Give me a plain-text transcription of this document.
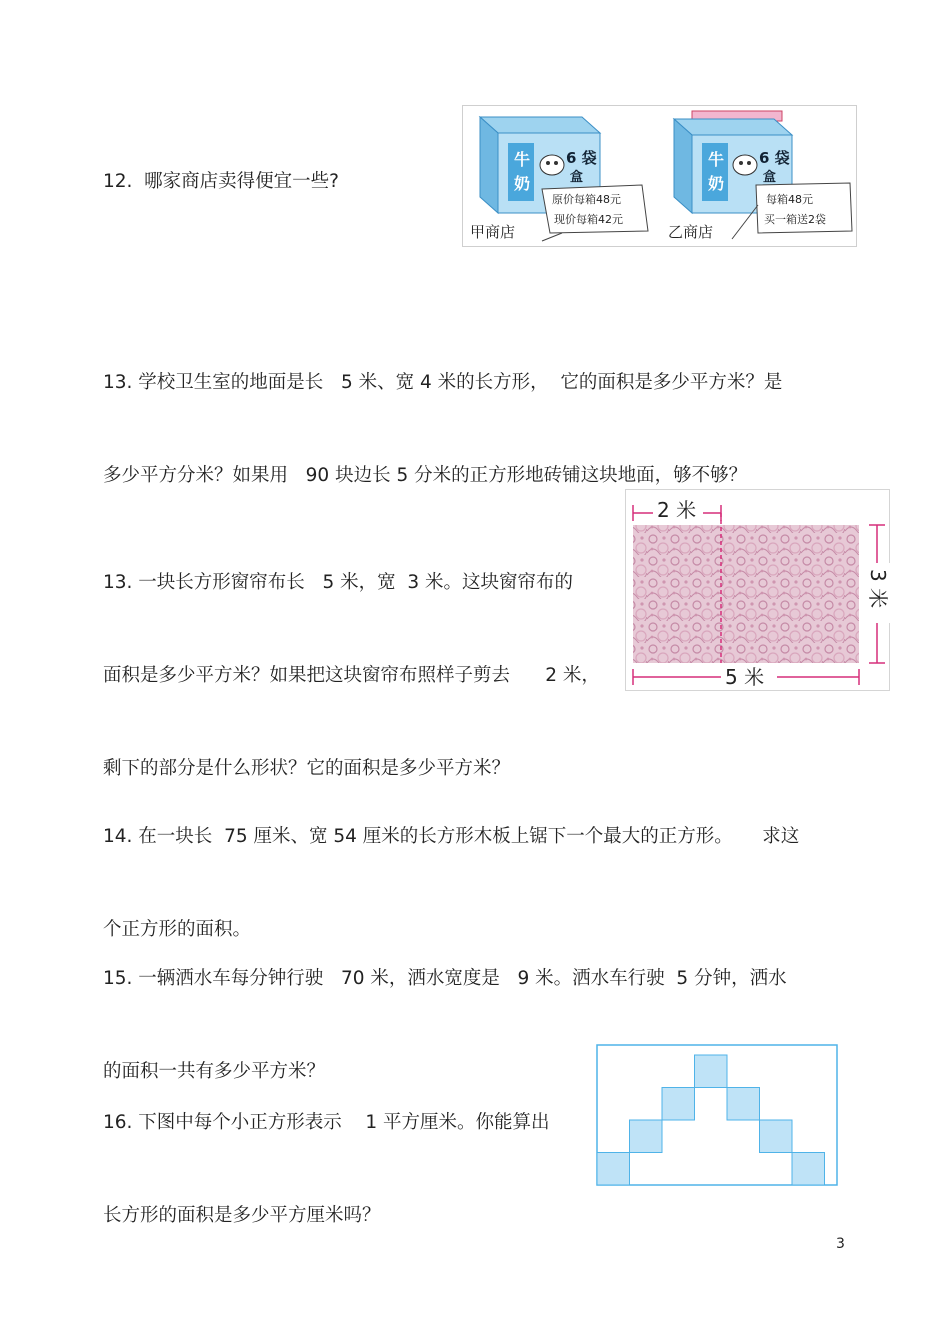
12.  哪家商店卖得便宜一些?

牛
奶
6 袋
盒
原价每箱48元
现价每箱42元
甲商店
牛
奶
6 袋
盒
每箱48元
买一箱送2袋
乙商店

13. 学校卫生室的地面是长   5 米、宽 4 米的长方形，  它的面积是多少平方米？是

多少平方分米？如果用   90 块边长 5 分米的正方形地砖铺这块地面，够不够？

13. 一块长方形窗帘布长   5 米，宽  3 米。这块窗帘布的

面积是多少平方米？如果把这块窗帘布照样子剪去      2 米，

剩下的部分是什么形状？它的面积是多少平方米？

2 米
3 米
5 米

14. 在一块长  75 厘米、宽 54 厘米的长方形木板上锯下一个最大的正方形。     求这

个正方形的面积。

15. 一辆洒水车每分钟行驶   70 米，洒水宽度是   9 米。洒水车行驶  5 分钟，洒水

的面积一共有多少平方米？

16. 下图中每个小正方形表示    1 平方厘米。你能算出

长方形的面积是多少平方厘米吗？

3
